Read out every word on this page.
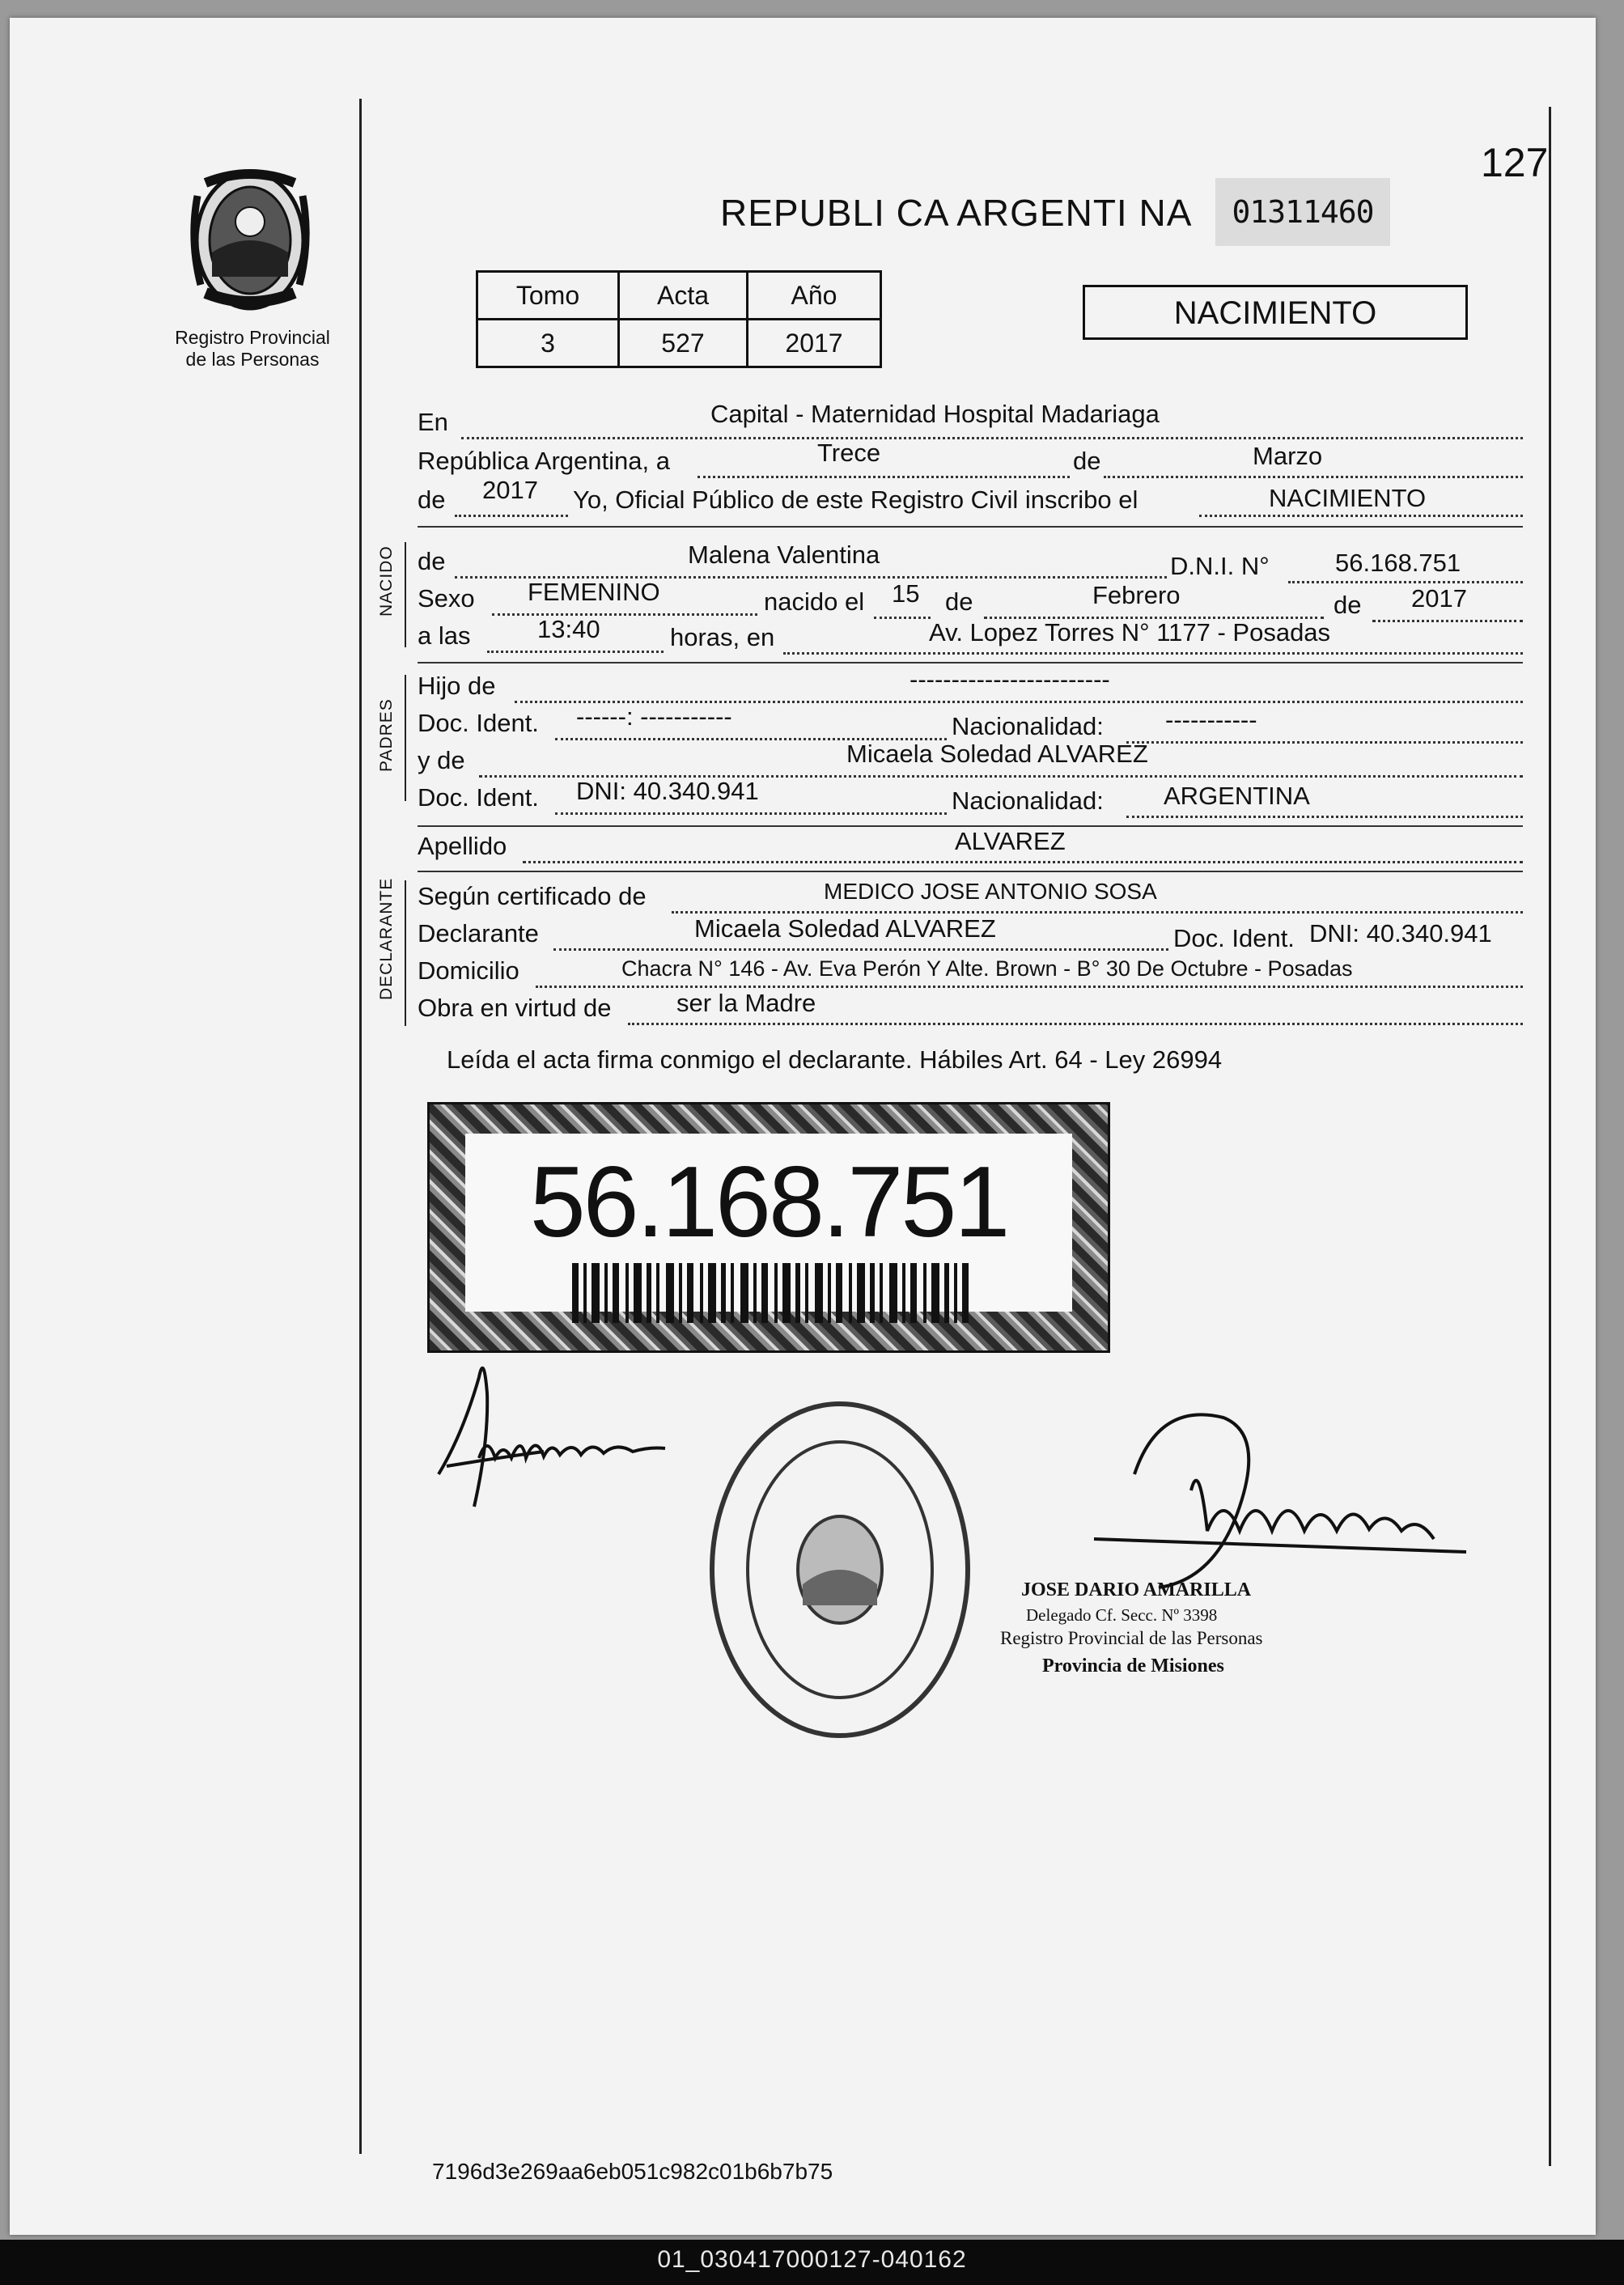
Registro Provincial
de las Personas
127
REPUBLI CA ARGENTI NA	01311460
Tomo	Acta	Año
3	527	2017
NACIMIENTO
En	Capital - Maternidad Hospital Madariaga
República Argentina, a	Trece	de	Marzo
de 2017 Yo, Oficial Público de este Registro Civil inscribo el	NACIMIENTO
NACIDO de	Malena Valentina	D.N.I. N°	56.168.751
Sexo FEMENINO	nacido el 15 de	Febrero	de 2017
a las	13:40	horas, en	Av. Lopez Torres N° 1177 - Posadas
PADRES
Hijo de	------------------------
Doc. Ident. ------: -----------	Nacionalidad: -----------
y de	Micaela Soledad ALVAREZ
Doc. Ident. DNI: 40.340.941	Nacionalidad: ARGENTINA
Apellido	ALVAREZ
DECLARANTE Según certificado de	MEDICO JOSE ANTONIO SOSA
Declarante	Micaela Soledad ALVAREZ	Doc. Ident. DNI: 40.340.941
Domicilio	Chacra N° 146 - Av. Eva Perón Y Alte. Brown - B° 30 De Octubre - Posadas
Obra en virtud de	ser la Madre
Leída el acta firma conmigo el declarante. Hábiles Art. 64 - Ley 26994
56.168.751
JOSE DARIO AMARILLA
Delegado Cf. Secc. Nº 3398
Registro Provincial de las Personas
Provincia de Misiones
7196d3e269aa6eb051c982c01b6b7b75
01_030417000127-040162
